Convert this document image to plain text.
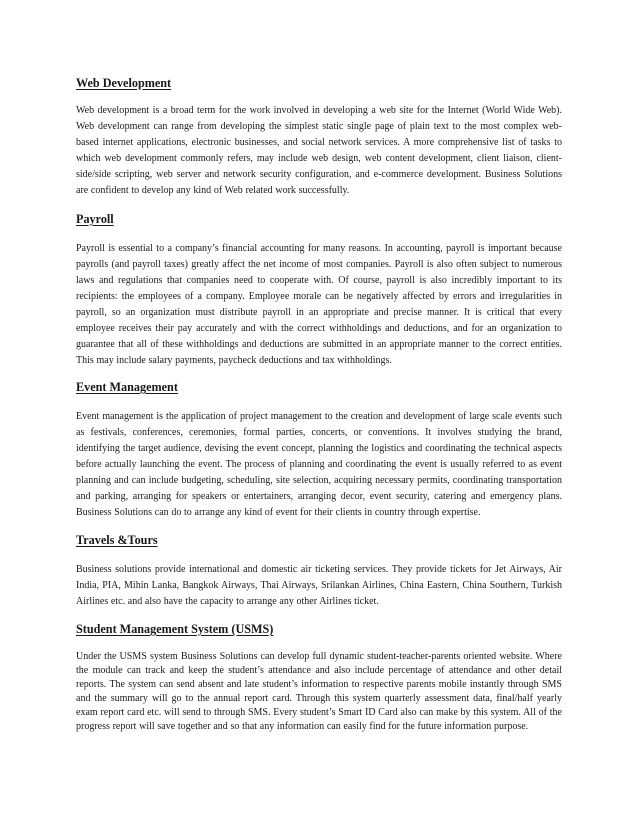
Web Development

Web development is a broad term for the work involved in developing a web site for the Internet (World Wide Web). Web development can range from developing the simplest static single page of plain text to the most complex web-based internet applications, electronic businesses, and social network services. A more comprehensive list of tasks to which web development commonly refers, may include web design, web content development, client liaison, client-side/side scripting, web server and network security configuration, and e-commerce development. Business Solutions are confident to develop any kind of Web related work successfully.

Payroll

Payroll is essential to a company’s financial accounting for many reasons. In accounting, payroll is important because payrolls (and payroll taxes) greatly affect the net income of most companies. Payroll is also often subject to numerous laws and regulations that companies need to cooperate with. Of course, payroll is also incredibly important to its recipients: the employees of a company. Employee morale can be negatively affected by errors and irregularities in payroll, so an organization must distribute payroll in an appropriate and precise manner. It is critical that every employee receives their pay accurately and with the correct withholdings and deductions, and for an organization to guarantee that all of these withholdings and deductions are submitted in an appropriate manner to the correct entities. This may include salary payments, paycheck deductions and tax withholdings.

Event Management

Event management is the application of project management to the creation and development of large scale events such as festivals, conferences, ceremonies, formal parties, concerts, or conventions. It involves studying the brand, identifying the target audience, devising the event concept, planning the logistics and coordinating the technical aspects before actually launching the event. The process of planning and coordinating the event is usually referred to as event planning and can include budgeting, scheduling, site selection, acquiring necessary permits, coordinating transportation and parking, arranging for speakers or entertainers, arranging decor, event security, catering and emergency plans. Business Solutions can do to arrange any kind of event for their clients in country through expertise.

Travels &Tours

Business solutions provide international and domestic air ticketing services. They provide tickets for Jet Airways, Air India, PIA, Mihin Lanka, Bangkok Airways, Thai Airways, Srilankan Airlines, China Eastern, China Southern, Turkish Airlines etc. and also have the capacity to arrange any other Airlines ticket.

Student Management System (USMS)

Under the USMS system Business Solutions can develop full dynamic student-teacher-parents oriented website. Where the module can track and keep the student’s attendance and also include percentage of attendance and other detail reports. The system can send absent and late student’s information to respective parents mobile instantly through SMS and the summary will go to the annual report card. Through this system quarterly assessment data, final/half yearly exam report card etc. will send to through SMS. Every student’s Smart ID Card also can make by this system. All of the progress report will save together and so that any information can easily find for the future information purpose.
